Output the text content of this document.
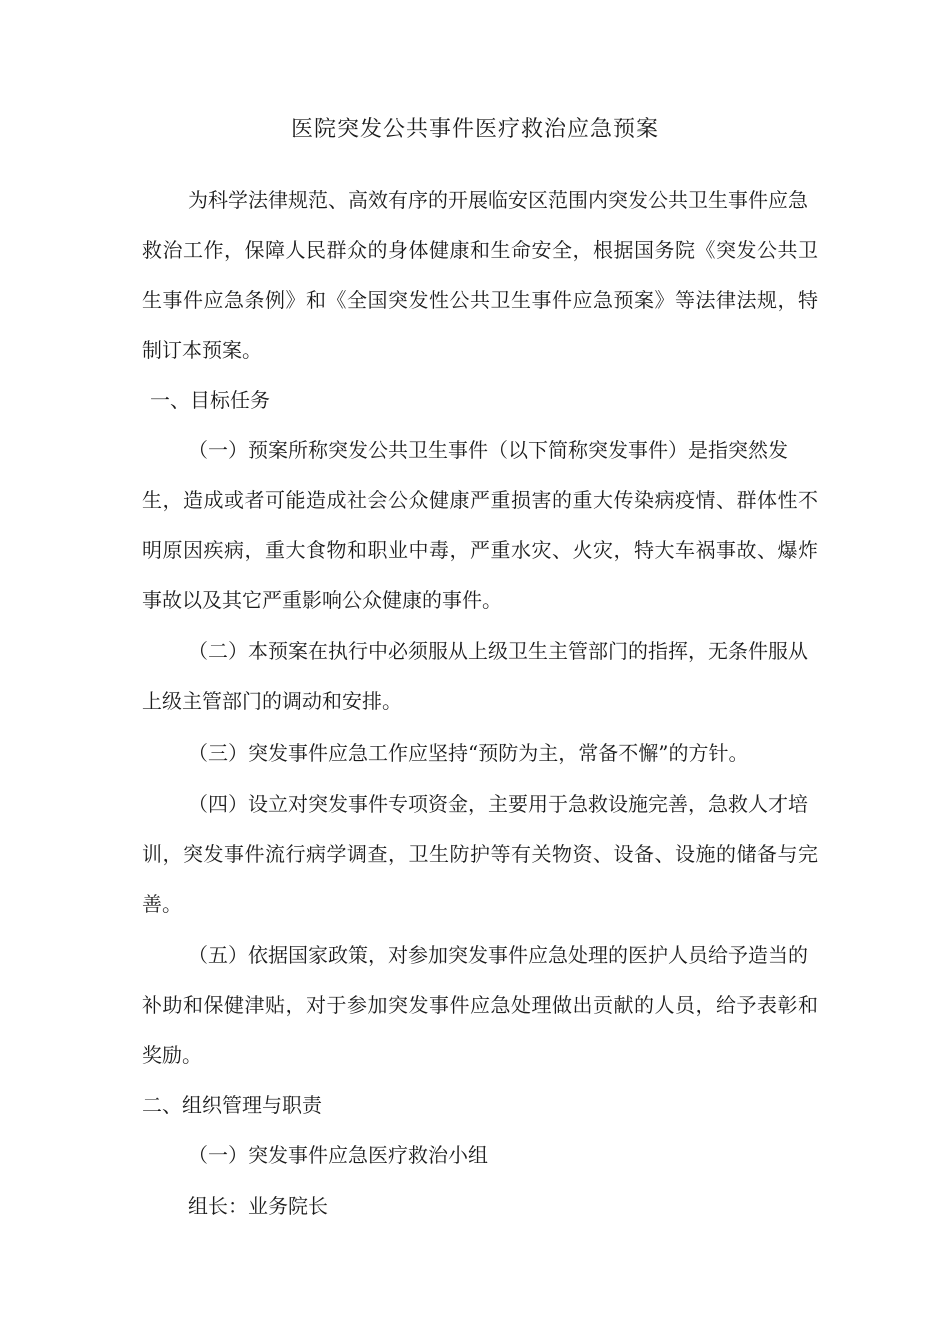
医院突发公共事件医疗救治应急预案
为科学法律规范、高效有序的开展临安区范围内突发公共卫生事件应急
救治工作，保障人民群众的身体健康和生命安全，根据国务院《突发公共卫
生事件应急条例》和《全国突发性公共卫生事件应急预案》等法律法规，特
制订本预案。
一、目标任务
（一）预案所称突发公共卫生事件（以下简称突发事件）是指突然发
生，造成或者可能造成社会公众健康严重损害的重大传染病疫情、群体性不
明原因疾病，重大食物和职业中毒，严重水灾、火灾，特大车祸事故、爆炸
事故以及其它严重影响公众健康的事件。
（二）本预案在执行中必须服从上级卫生主管部门的指挥，无条件服从
上级主管部门的调动和安排。
（三）突发事件应急工作应坚持“预防为主，常备不懈”的方针。
（四）设立对突发事件专项资金，主要用于急救设施完善，急救人才培
训，突发事件流行病学调查，卫生防护等有关物资、设备、设施的储备与完
善。
（五）依据国家政策，对参加突发事件应急处理的医护人员给予造当的
补助和保健津贴，对于参加突发事件应急处理做出贡献的人员，给予表彰和
奖励。
二、组织管理与职责
（一）突发事件应急医疗救治小组
组长：业务院长
